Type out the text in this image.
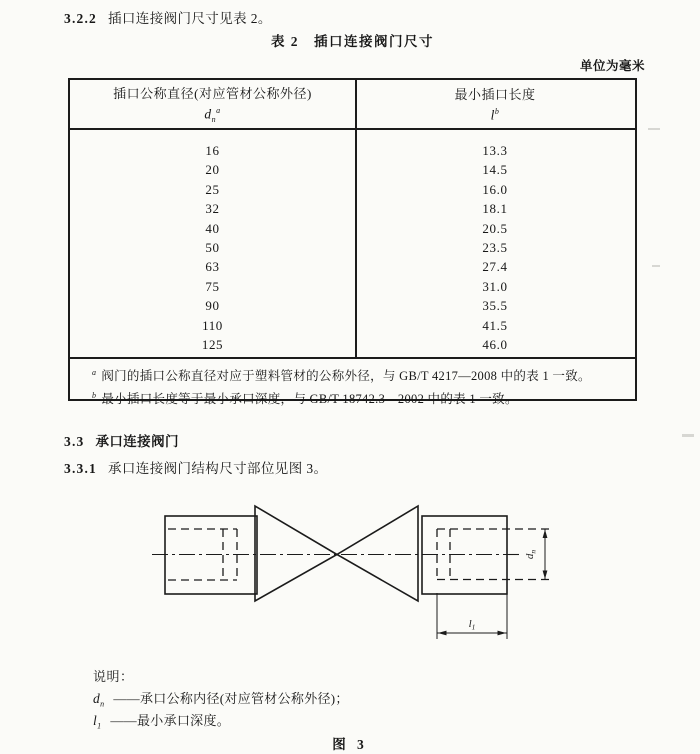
3.2.2 插口连接阀门尺寸见表 2。
表 2　插口连接阀门尺寸
单位为毫米
插口公称直径(对应管材公称外径)
$d_n^a$
最小插口长度
$l^b$
16	13.3
20	14.5
25	16.0
32	18.1
40	20.5
50	23.5
63	27.4
75	31.0
90	35.5
110	41.5
125	46.0
$^a$ 阀门的插口公称直径对应于塑料管材的公称外径，与 GB/T 4217—2008 中的表 1 一致。
$^b$ 最小插口长度等于最小承口深度，与 GB/T 18742.3—2002 中的表 1 一致。
3.3 承口连接阀门
3.3.1 承口连接阀门结构尺寸部位见图 3。
$d_n$
$l_1$
说明：
$d_n$ ——承口公称内径(对应管材公称外径)；
$l_1$ ——最小承口深度。
图 3
